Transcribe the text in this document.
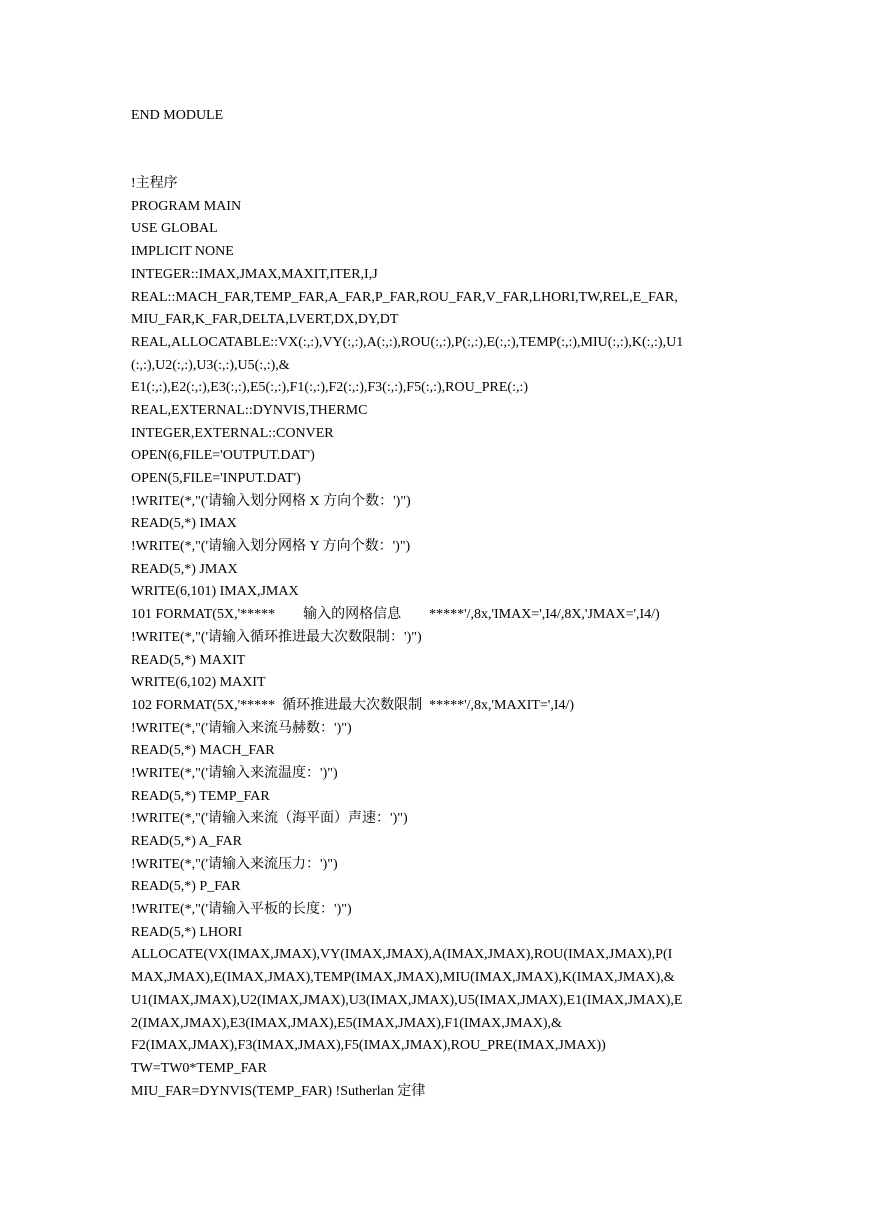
END MODULE
!主程序
PROGRAM MAIN
USE GLOBAL
IMPLICIT NONE
INTEGER::IMAX,JMAX,MAXIT,ITER,I,J
REAL::MACH_FAR,TEMP_FAR,A_FAR,P_FAR,ROU_FAR,V_FAR,LHORI,TW,REL,E_FAR,
MIU_FAR,K_FAR,DELTA,LVERT,DX,DY,DT
REAL,ALLOCATABLE::VX(:,:),VY(:,:),A(:,:),ROU(:,:),P(:,:),E(:,:),TEMP(:,:),MIU(:,:),K(:,:),U1
(:,:),U2(:,:),U3(:,:),U5(:,:),&
E1(:,:),E2(:,:),E3(:,:),E5(:,:),F1(:,:),F2(:,:),F3(:,:),F5(:,:),ROU_PRE(:,:)
REAL,EXTERNAL::DYNVIS,THERMC
INTEGER,EXTERNAL::CONVER
OPEN(6,FILE='OUTPUT.DAT')
OPEN(5,FILE='INPUT.DAT')
!WRITE(*,"('请输入划分网格 X 方向个数：')")
READ(5,*) IMAX
!WRITE(*,"('请输入划分网格 Y 方向个数：')")
READ(5,*) JMAX
WRITE(6,101) IMAX,JMAX
101 FORMAT(5X,'*****        输入的网格信息        *****'/,8x,'IMAX=',I4/,8X,'JMAX=',I4/)
!WRITE(*,"('请输入循环推进最大次数限制：')")
READ(5,*) MAXIT
WRITE(6,102) MAXIT
102 FORMAT(5X,'*****  循环推进最大次数限制  *****'/,8x,'MAXIT=',I4/)
!WRITE(*,"('请输入来流马赫数：')")
READ(5,*) MACH_FAR
!WRITE(*,"('请输入来流温度：')")
READ(5,*) TEMP_FAR
!WRITE(*,"('请输入来流（海平面）声速：')")
READ(5,*) A_FAR
!WRITE(*,"('请输入来流压力：')")
READ(5,*) P_FAR
!WRITE(*,"('请输入平板的长度：')")
READ(5,*) LHORI
ALLOCATE(VX(IMAX,JMAX),VY(IMAX,JMAX),A(IMAX,JMAX),ROU(IMAX,JMAX),P(I
MAX,JMAX),E(IMAX,JMAX),TEMP(IMAX,JMAX),MIU(IMAX,JMAX),K(IMAX,JMAX),&
U1(IMAX,JMAX),U2(IMAX,JMAX),U3(IMAX,JMAX),U5(IMAX,JMAX),E1(IMAX,JMAX),E
2(IMAX,JMAX),E3(IMAX,JMAX),E5(IMAX,JMAX),F1(IMAX,JMAX),&
F2(IMAX,JMAX),F3(IMAX,JMAX),F5(IMAX,JMAX),ROU_PRE(IMAX,JMAX))
TW=TW0*TEMP_FAR
MIU_FAR=DYNVIS(TEMP_FAR) !Sutherlan 定律
